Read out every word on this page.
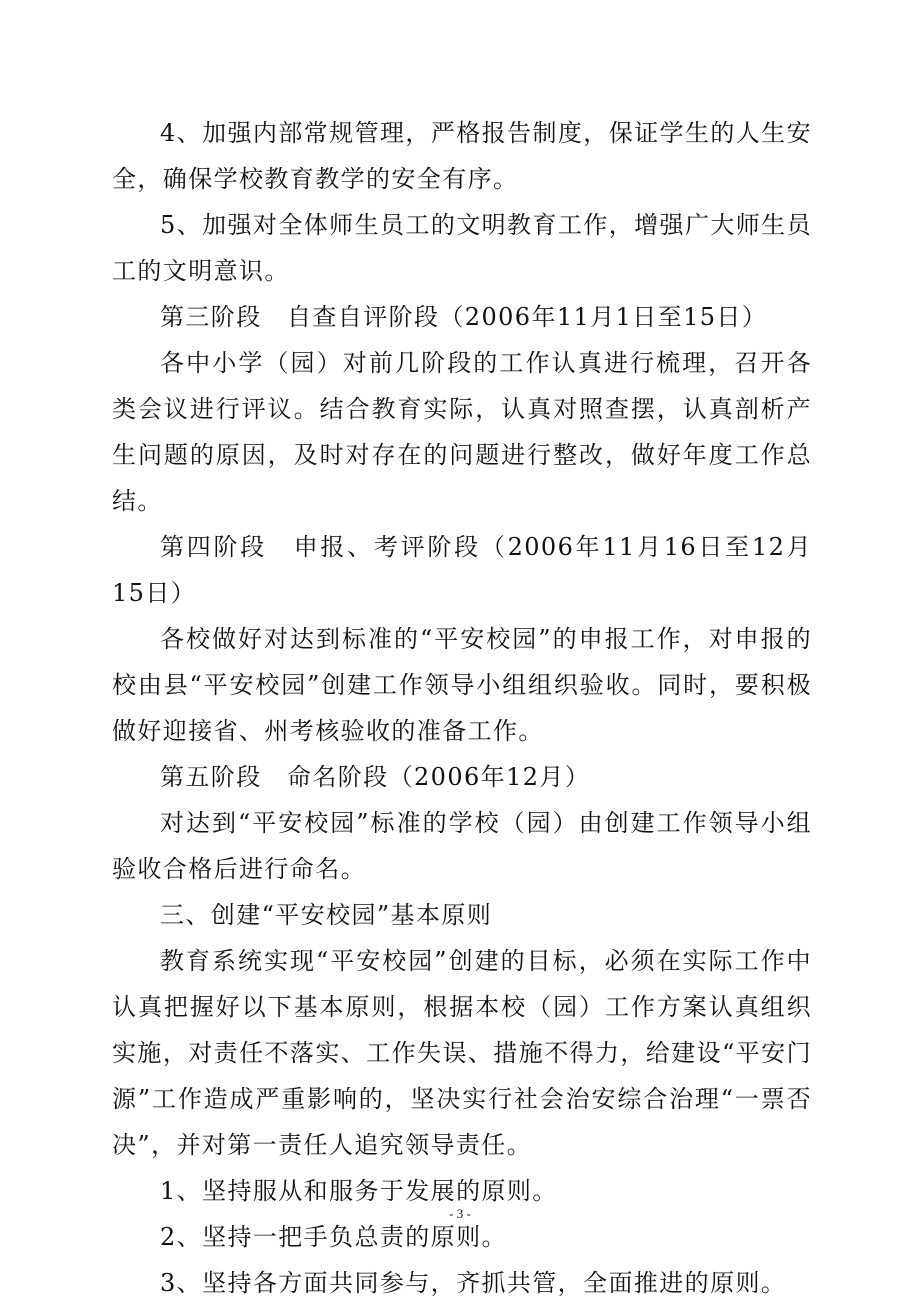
4、加强内部常规管理，严格报告制度，保证学生的人生安全，确保学校教育教学的安全有序。

5、加强对全体师生员工的文明教育工作，增强广大师生员工的文明意识。

第三阶段　自查自评阶段（2006年11月1日至15日）

各中小学（园）对前几阶段的工作认真进行梳理，召开各类会议进行评议。结合教育实际，认真对照查摆，认真剖析产生问题的原因，及时对存在的问题进行整改，做好年度工作总结。

第四阶段　申报、考评阶段（2006年11月16日至12月15日）

各校做好对达到标准的“平安校园”的申报工作，对申报的校由县“平安校园”创建工作领导小组组织验收。同时，要积极做好迎接省、州考核验收的准备工作。

第五阶段　命名阶段（2006年12月）

对达到“平安校园”标准的学校（园）由创建工作领导小组验收合格后进行命名。

三、创建“平安校园”基本原则

教育系统实现“平安校园”创建的目标，必须在实际工作中认真把握好以下基本原则，根据本校（园）工作方案认真组织实施，对责任不落实、工作失误、措施不得力，给建设“平安门源”工作造成严重影响的，坚决实行社会治安综合治理“一票否决”，并对第一责任人追究领导责任。

1、坚持服从和服务于发展的原则。

2、坚持一把手负总责的原则。

3、坚持各方面共同参与，齐抓共管，全面推进的原则。

- 3 -
